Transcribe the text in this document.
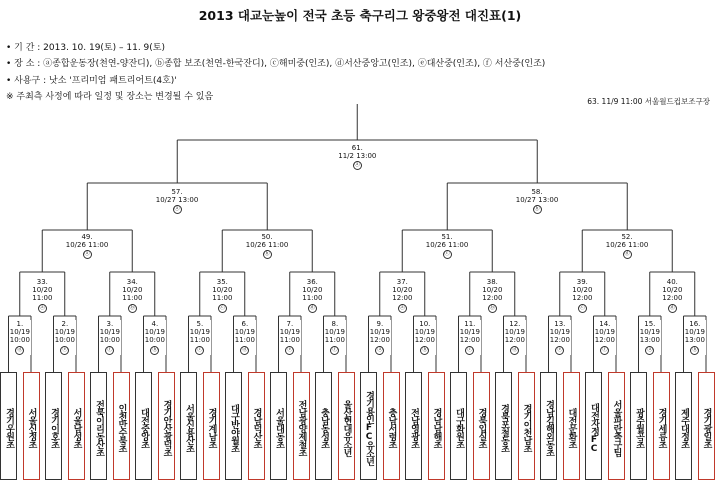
2013 대교눈높이 전국 초등 축구리그 왕중왕전 대진표(1)
• 기 간 : 2013. 10. 19(토) – 11. 9(토)
• 장 소 : ⓐ종합운동장(천연-양잔디), ⓑ종합 보조(천연-한국잔디), ⓒ해미중(인조), ⓓ서산중앙고(인조), ⓔ대산중(인조), ⓕ 서산중(인조)
• 사용구 : 낫소 '프리미엄 패트리어트(4호)'
※ 주최측 사정에 따라 일정 및 장소는 변경될 수 있음	63. 11/9 11:00 서울월드컵보조구장
1.
10/19
10:00
ⓓ
2.
10/19
10:00
ⓔ
3.
10/19
10:00
ⓕ
4.
10/19
10:00
ⓑ
5.
10/19
11:00
ⓒ
6.
10/19
11:00
ⓓ
7.
10/19
11:00
ⓔ
8.
10/19
11:00
ⓕ
9.
10/19
12:00
ⓐ
10.
10/19
12:00
ⓑ
11.
10/19
12:00
ⓒ
12.
10/19
12:00
ⓓ
13.
10/19
12:00
ⓔ
14.
10/19
12:00
ⓕ
15.
10/19
13:00
ⓐ
16.
10/19
13:00
ⓑ
33.
10/20
11:00
ⓐ
34.
10/20
11:00
ⓑ
35.
10/20
11:00
ⓒ
36.
10/20
11:00
ⓓ
37.
10/20
12:00
ⓐ
38.
10/20
12:00
ⓑ
39.
10/20
12:00
ⓒ
40.
10/20
12:00
ⓓ
49.
10/26 11:00
ⓐ
50.
10/26 11:00
ⓑ
51.
10/26 11:00
ⓒ
52.
10/26 11:00
ⓓ
57.
10/27 13:00
ⓐ
58.
10/27 13:00
ⓑ
61.
11/2 13:00
ⓐ
경기우원초	서울신정초	경기이호초	서울남성초	전북이리동산초	인천만수북초	대전중앙초	경기안산광덕초	서울신용산초	경기계남초	대구반야월초	경남덕산초	서울대동초	전남광양제철초	충남동성초	울산현대유소년	경기용인FC유소년	충남서령초	전남영광초	경남남해초	대구화원초	경북입실초	경북포철동초	경기이천남초	경남김해외동초	대전문화초	대전자정FC	서울파란축구팀	광주월곡초	경기세류초	제주대정초	경기광일초
